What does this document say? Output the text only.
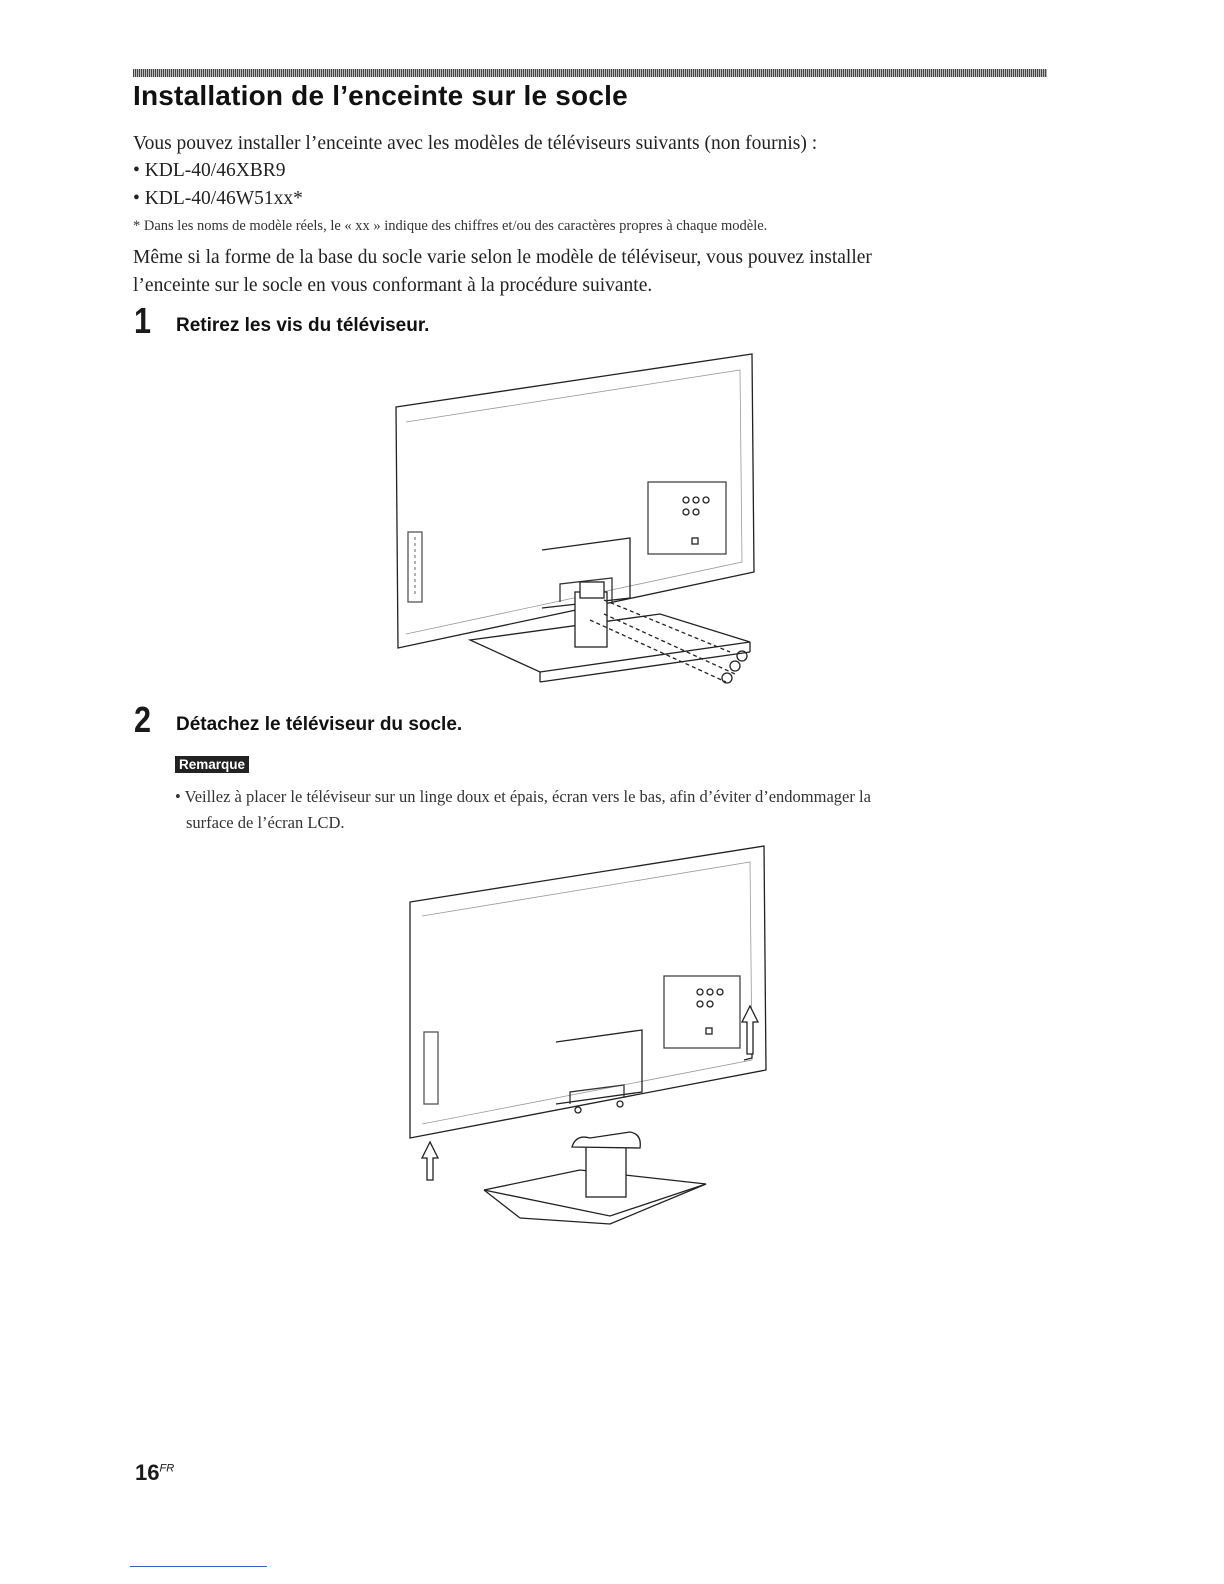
Installation de l’enceinte sur le socle

Vous pouvez installer l’enceinte avec les modèles de téléviseurs suivants (non fournis) :

• KDL-40/46XBR9
• KDL-40/46W51xx*

* Dans les noms de modèle réels, le « xx » indique des chiffres et/ou des caractères propres à chaque modèle.

Même si la forme de la base du socle varie selon le modèle de téléviseur, vous pouvez installer

l’enceinte sur le socle en vous conformant à la procédure suivante.

1 Retirez les vis du téléviseur.
2 Détachez le téléviseur du socle.
Remarque

• Veillez à placer le téléviseur sur un linge doux et épais, écran vers le bas, afin d’éviter d’endommager la
surface de l’écran LCD.

$16^{FR}$
